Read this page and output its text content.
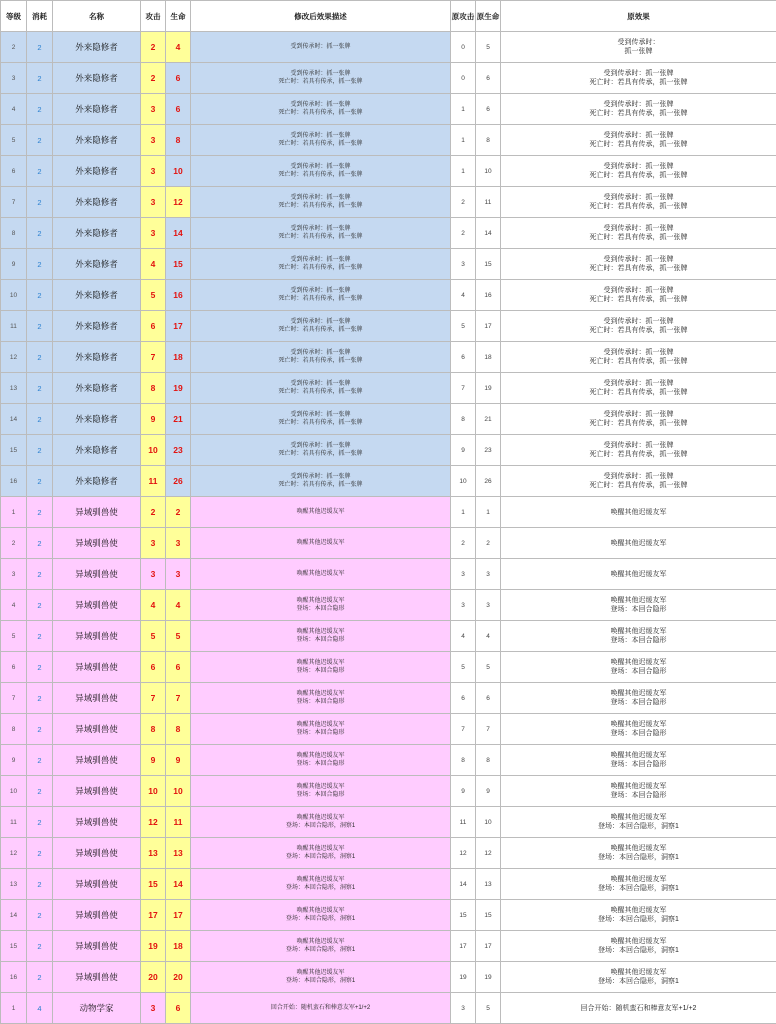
等级	消耗	名称	攻击	生命	修改后效果描述	原攻击	原生命	原效果
2	2	外来隐修者	2	4	受到传承时：抓一张牌	0	5	受到传承时：
抓一张牌

3	2	外来隐修者	2	6	受到传承时：抓一张牌
死亡时：若具有传承，抓一张牌	0	6	受到传承时：抓一张牌
死亡时：若具有传承，抓一张牌

4	2	外来隐修者	3	6	受到传承时：抓一张牌
死亡时：若具有传承，抓一张牌	1	6	受到传承时：抓一张牌
死亡时：若具有传承，抓一张牌

5	2	外来隐修者	3	8	受到传承时：抓一张牌
死亡时：若具有传承，抓一张牌	1	8	受到传承时：抓一张牌
死亡时：若具有传承，抓一张牌

6	2	外来隐修者	3	10	受到传承时：抓一张牌
死亡时：若具有传承，抓一张牌	1	10	受到传承时：抓一张牌
死亡时：若具有传承，抓一张牌

7	2	外来隐修者	3	12	受到传承时：抓一张牌
死亡时：若具有传承，抓一张牌	2	11	受到传承时：抓一张牌
死亡时：若具有传承，抓一张牌

8	2	外来隐修者	3	14	受到传承时：抓一张牌
死亡时：若具有传承，抓一张牌	2	14	受到传承时：抓一张牌
死亡时：若具有传承，抓一张牌

9	2	外来隐修者	4	15	受到传承时：抓一张牌
死亡时：若具有传承，抓一张牌	3	15	受到传承时：抓一张牌
死亡时：若具有传承，抓一张牌

10	2	外来隐修者	5	16	受到传承时：抓一张牌
死亡时：若具有传承，抓一张牌	4	16	受到传承时：抓一张牌
死亡时：若具有传承，抓一张牌

11	2	外来隐修者	6	17	受到传承时：抓一张牌
死亡时：若具有传承，抓一张牌	5	17	受到传承时：抓一张牌
死亡时：若具有传承，抓一张牌

12	2	外来隐修者	7	18	受到传承时：抓一张牌
死亡时：若具有传承，抓一张牌	6	18	受到传承时：抓一张牌
死亡时：若具有传承，抓一张牌

13	2	外来隐修者	8	19	受到传承时：抓一张牌
死亡时：若具有传承，抓一张牌	7	19	受到传承时：抓一张牌
死亡时：若具有传承，抓一张牌

14	2	外来隐修者	9	21	受到传承时：抓一张牌
死亡时：若具有传承，抓一张牌	8	21	受到传承时：抓一张牌
死亡时：若具有传承，抓一张牌

15	2	外来隐修者	10	23	受到传承时：抓一张牌
死亡时：若具有传承，抓一张牌	9	23	受到传承时：抓一张牌
死亡时：若具有传承，抓一张牌

16	2	外来隐修者	11	26	受到传承时：抓一张牌
死亡时：若具有传承，抓一张牌	10	26	受到传承时：抓一张牌
死亡时：若具有传承，抓一张牌

1	2	异域驯兽使	2	2	唤醒其他迟缓友军	1	1	唤醒其他迟缓友军

2	2	异域驯兽使	3	3	唤醒其他迟缓友军	2	2	唤醒其他迟缓友军

3	2	异域驯兽使	3	3	唤醒其他迟缓友军	3	3	唤醒其他迟缓友军

4	2	异域驯兽使	4	4	唤醒其他迟缓友军
登场：本回合隐形	3	3	唤醒其他迟缓友军
登场：本回合隐形

5	2	异域驯兽使	5	5	唤醒其他迟缓友军
登场：本回合隐形	4	4	唤醒其他迟缓友军
登场：本回合隐形

6	2	异域驯兽使	6	6	唤醒其他迟缓友军
登场：本回合隐形	5	5	唤醒其他迟缓友军
登场：本回合隐形

7	2	异域驯兽使	7	7	唤醒其他迟缓友军
登场：本回合隐形	6	6	唤醒其他迟缓友军
登场：本回合隐形

8	2	异域驯兽使	8	8	唤醒其他迟缓友军
登场：本回合隐形	7	7	唤醒其他迟缓友军
登场：本回合隐形

9	2	异域驯兽使	9	9	唤醒其他迟缓友军
登场：本回合隐形	8	8	唤醒其他迟缓友军
登场：本回合隐形

10	2	异域驯兽使	10	10	唤醒其他迟缓友军
登场：本回合隐形	9	9	唤醒其他迟缓友军
登场：本回合隐形

11	2	异域驯兽使	12	11	唤醒其他迟缓友军
登场：本回合隐形，洞察1	11	10	唤醒其他迟缓友军
登场：本回合隐形，洞察1

12	2	异域驯兽使	13	13	唤醒其他迟缓友军
登场：本回合隐形，洞察1	12	12	唤醒其他迟缓友军
登场：本回合隐形，洞察1

13	2	异域驯兽使	15	14	唤醒其他迟缓友军
登场：本回合隐形，洞察1	14	13	唤醒其他迟缓友军
登场：本回合隐形，洞察1

14	2	异域驯兽使	17	17	唤醒其他迟缓友军
登场：本回合隐形，洞察1	15	15	唤醒其他迟缓友军
登场：本回合隐形，洞察1

15	2	异域驯兽使	19	18	唤醒其他迟缓友军
登场：本回合隐形，洞察1	17	17	唤醒其他迟缓友军
登场：本回合隐形，洞察1

16	2	异域驯兽使	20	20	唤醒其他迟缓友军
登场：本回合隐形，洞察1	19	19	唤醒其他迟缓友军
登场：本回合隐形，洞察1

1	4	动物学家	3	6	回合开始：随机蛮石和棒意友军+1/+2	3	5	回合开始：随机蛮石和棒意友军+1/+2
